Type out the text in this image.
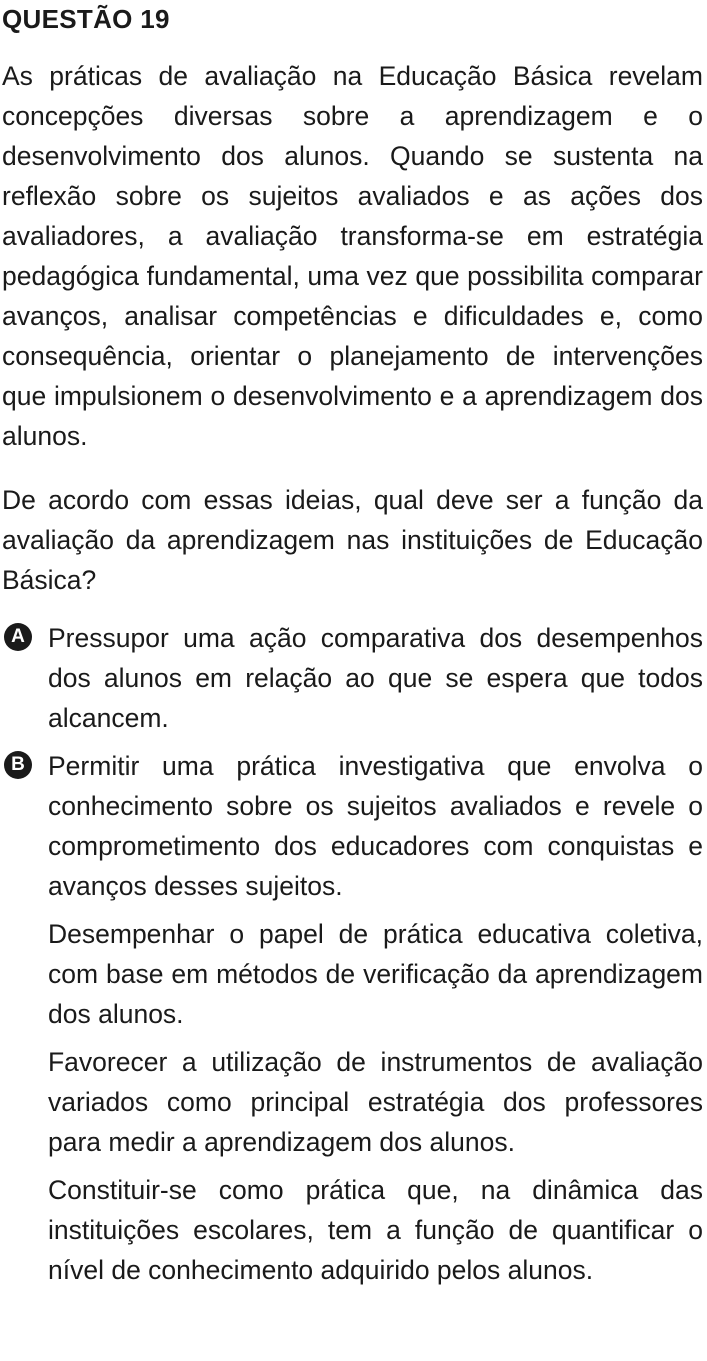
QUESTÃO 19

As práticas de avaliação na Educação Básica revelam concepções diversas sobre a aprendizagem e o desenvolvimento dos alunos. Quando se sustenta na reflexão sobre os sujeitos avaliados e as ações dos avaliadores, a avaliação transforma-se em estratégia pedagógica fundamental, uma vez que possibilita comparar avanços, analisar competências e dificuldades e, como consequência, orientar o planejamento de intervenções que impulsionem o desenvolvimento e a aprendizagem dos alunos.

De acordo com essas ideias, qual deve ser a função da avaliação da aprendizagem nas instituições de Educação Básica?

A Pressupor uma ação comparativa dos desempenhos dos alunos em relação ao que se espera que todos alcancem.

B Permitir uma prática investigativa que envolva o conhecimento sobre os sujeitos avaliados e revele o comprometimento dos educadores com conquistas e avanços desses sujeitos.

Desempenhar o papel de prática educativa coletiva, com base em métodos de verificação da aprendizagem dos alunos.

Favorecer a utilização de instrumentos de avaliação variados como principal estratégia dos professores para medir a aprendizagem dos alunos.

Constituir-se como prática que, na dinâmica das instituições escolares, tem a função de quantificar o nível de conhecimento adquirido pelos alunos.
